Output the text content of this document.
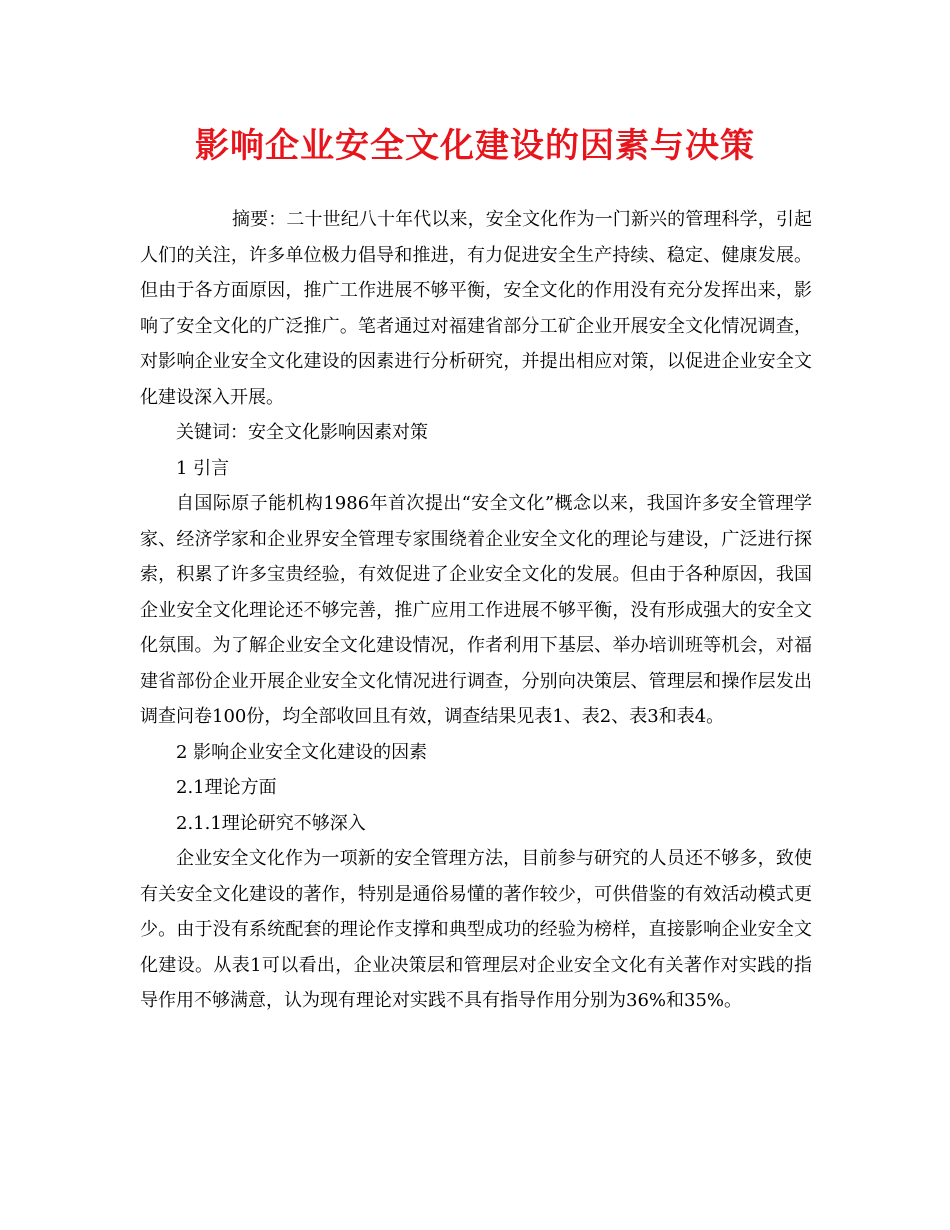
影响企业安全文化建设的因素与决策

摘要：二十世纪八十年代以来，安全文化作为一门新兴的管理科学，引起人们的关注，许多单位极力倡导和推进，有力促进安全生产持续、稳定、健康发展。但由于各方面原因，推广工作进展不够平衡，安全文化的作用没有充分发挥出来，影响了安全文化的广泛推广。笔者通过对福建省部分工矿企业开展安全文化情况调查，对影响企业安全文化建设的因素进行分析研究，并提出相应对策，以促进企业安全文化建设深入开展。

关键词：安全文化影响因素对策

1 引言

自国际原子能机构1986年首次提出“安全文化”概念以来，我国许多安全管理学家、经济学家和企业界安全管理专家围绕着企业安全文化的理论与建设，广泛进行探索，积累了许多宝贵经验，有效促进了企业安全文化的发展。但由于各种原因，我国企业安全文化理论还不够完善，推广应用工作进展不够平衡，没有形成强大的安全文化氛围。为了解企业安全文化建设情况，作者利用下基层、举办培训班等机会，对福建省部份企业开展企业安全文化情况进行调查，分别向决策层、管理层和操作层发出调查问卷100份，均全部收回且有效，调查结果见表1、表2、表3和表4。

2 影响企业安全文化建设的因素

2.1理论方面

2.1.1理论研究不够深入

企业安全文化作为一项新的安全管理方法，目前参与研究的人员还不够多，致使有关安全文化建设的著作，特别是通俗易懂的著作较少，可供借鉴的有效活动模式更少。由于没有系统配套的理论作支撑和典型成功的经验为榜样，直接影响企业安全文化建设。从表1可以看出，企业决策层和管理层对企业安全文化有关著作对实践的指导作用不够满意，认为现有理论对实践不具有指导作用分别为36%和35%。
